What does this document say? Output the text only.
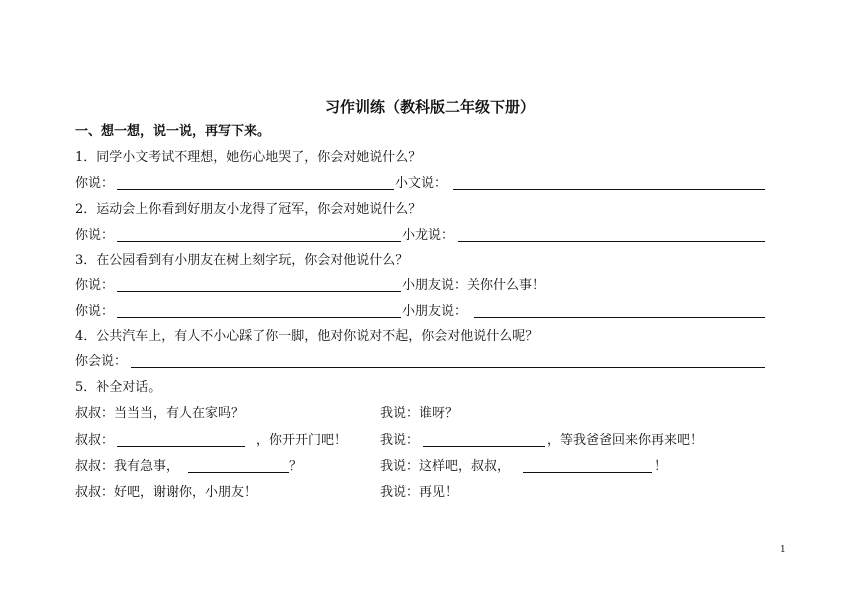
习作训练（教科版二年级下册）
一、想一想，说一说，再写下来。
1．同学小文考试不理想，她伤心地哭了，你会对她说什么？
你说：	小文说：
2．运动会上你看到好朋友小龙得了冠军，你会对她说什么？
你说：	小龙说：
3．在公园看到有小朋友在树上刻字玩，你会对他说什么？
你说：	小朋友说：关你什么事！
你说：	小朋友说：
4．公共汽车上，有人不小心踩了你一脚，他对你说对不起，你会对他说什么呢？
你会说：
5．补全对话。
叔叔：当当当，有人在家吗？	我说：谁呀？
叔叔：	，你开开门吧！	我说：	，等我爸爸回来你再来吧！
叔叔：我有急事，	？	我说：这样吧，叔叔，	！
叔叔：好吧，谢谢你，小朋友！	我说：再见！
1
